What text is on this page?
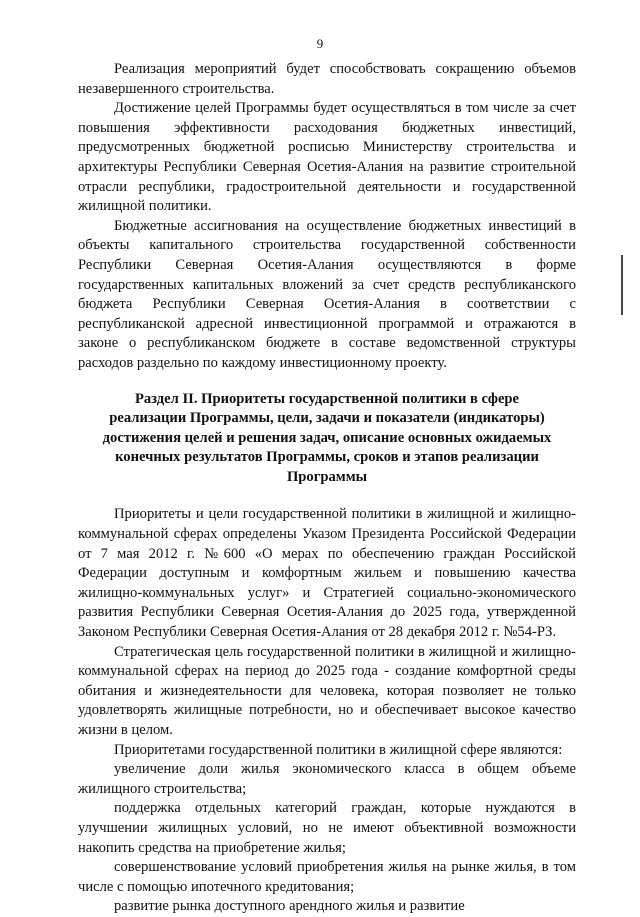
9

Реализация мероприятий будет способствовать сокращению объемов незавершенного строительства.

Достижение целей Программы будет осуществляться в том числе за счет повышения эффективности расходования бюджетных инвестиций, предусмотренных бюджетной росписью Министерству строительства и архитектуры Республики Северная Осетия-Алания на развитие строительной отрасли республики, градостроительной деятельности и государственной жилищной политики.

Бюджетные ассигнования на осуществление бюджетных инвестиций в объекты капитального строительства государственной собственности Республики Северная Осетия-Алания осуществляются в форме государственных капитальных вложений за счет средств республиканского бюджета Республики Северная Осетия-Алания в соответствии с республиканской адресной инвестиционной программой и отражаются в законе о республиканском бюджете в составе ведомственной структуры расходов раздельно по каждому инвестиционному проекту.

Раздел II. Приоритеты государственной политики в сфере
реализации Программы, цели, задачи и показатели (индикаторы)
достижения целей и решения задач, описание основных ожидаемых
конечных результатов Программы, сроков и этапов реализации
Программы

Приоритеты и цели государственной политики в жилищной и жилищно-коммунальной сферах определены Указом Президента Российской Федерации от 7 мая 2012 г. №600 «О мерах по обеспечению граждан Российской Федерации доступным и комфортным жильем и повышению качества жилищно-коммунальных услуг» и Стратегией социально-экономического развития Республики Северная Осетия-Алания до 2025 года, утвержденной Законом Республики Северная Осетия-Алания от 28 декабря 2012 г. №54-РЗ.

Стратегическая цель государственной политики в жилищной и жилищно-коммунальной сферах на период до 2025 года - создание комфортной среды обитания и жизнедеятельности для человека, которая позволяет не только удовлетворять жилищные потребности, но и обеспечивает высокое качество жизни в целом.

Приоритетами государственной политики в жилищной сфере являются:

увеличение доли жилья экономического класса в общем объеме жилищного строительства;

поддержка отдельных категорий граждан, которые нуждаются в улучшении жилищных условий, но не имеют объективной возможности накопить средства на приобретение жилья;

совершенствование условий приобретения жилья на рынке жилья, в том числе с помощью ипотечного кредитования;

развитие рынка доступного арендного жилья и развитие
